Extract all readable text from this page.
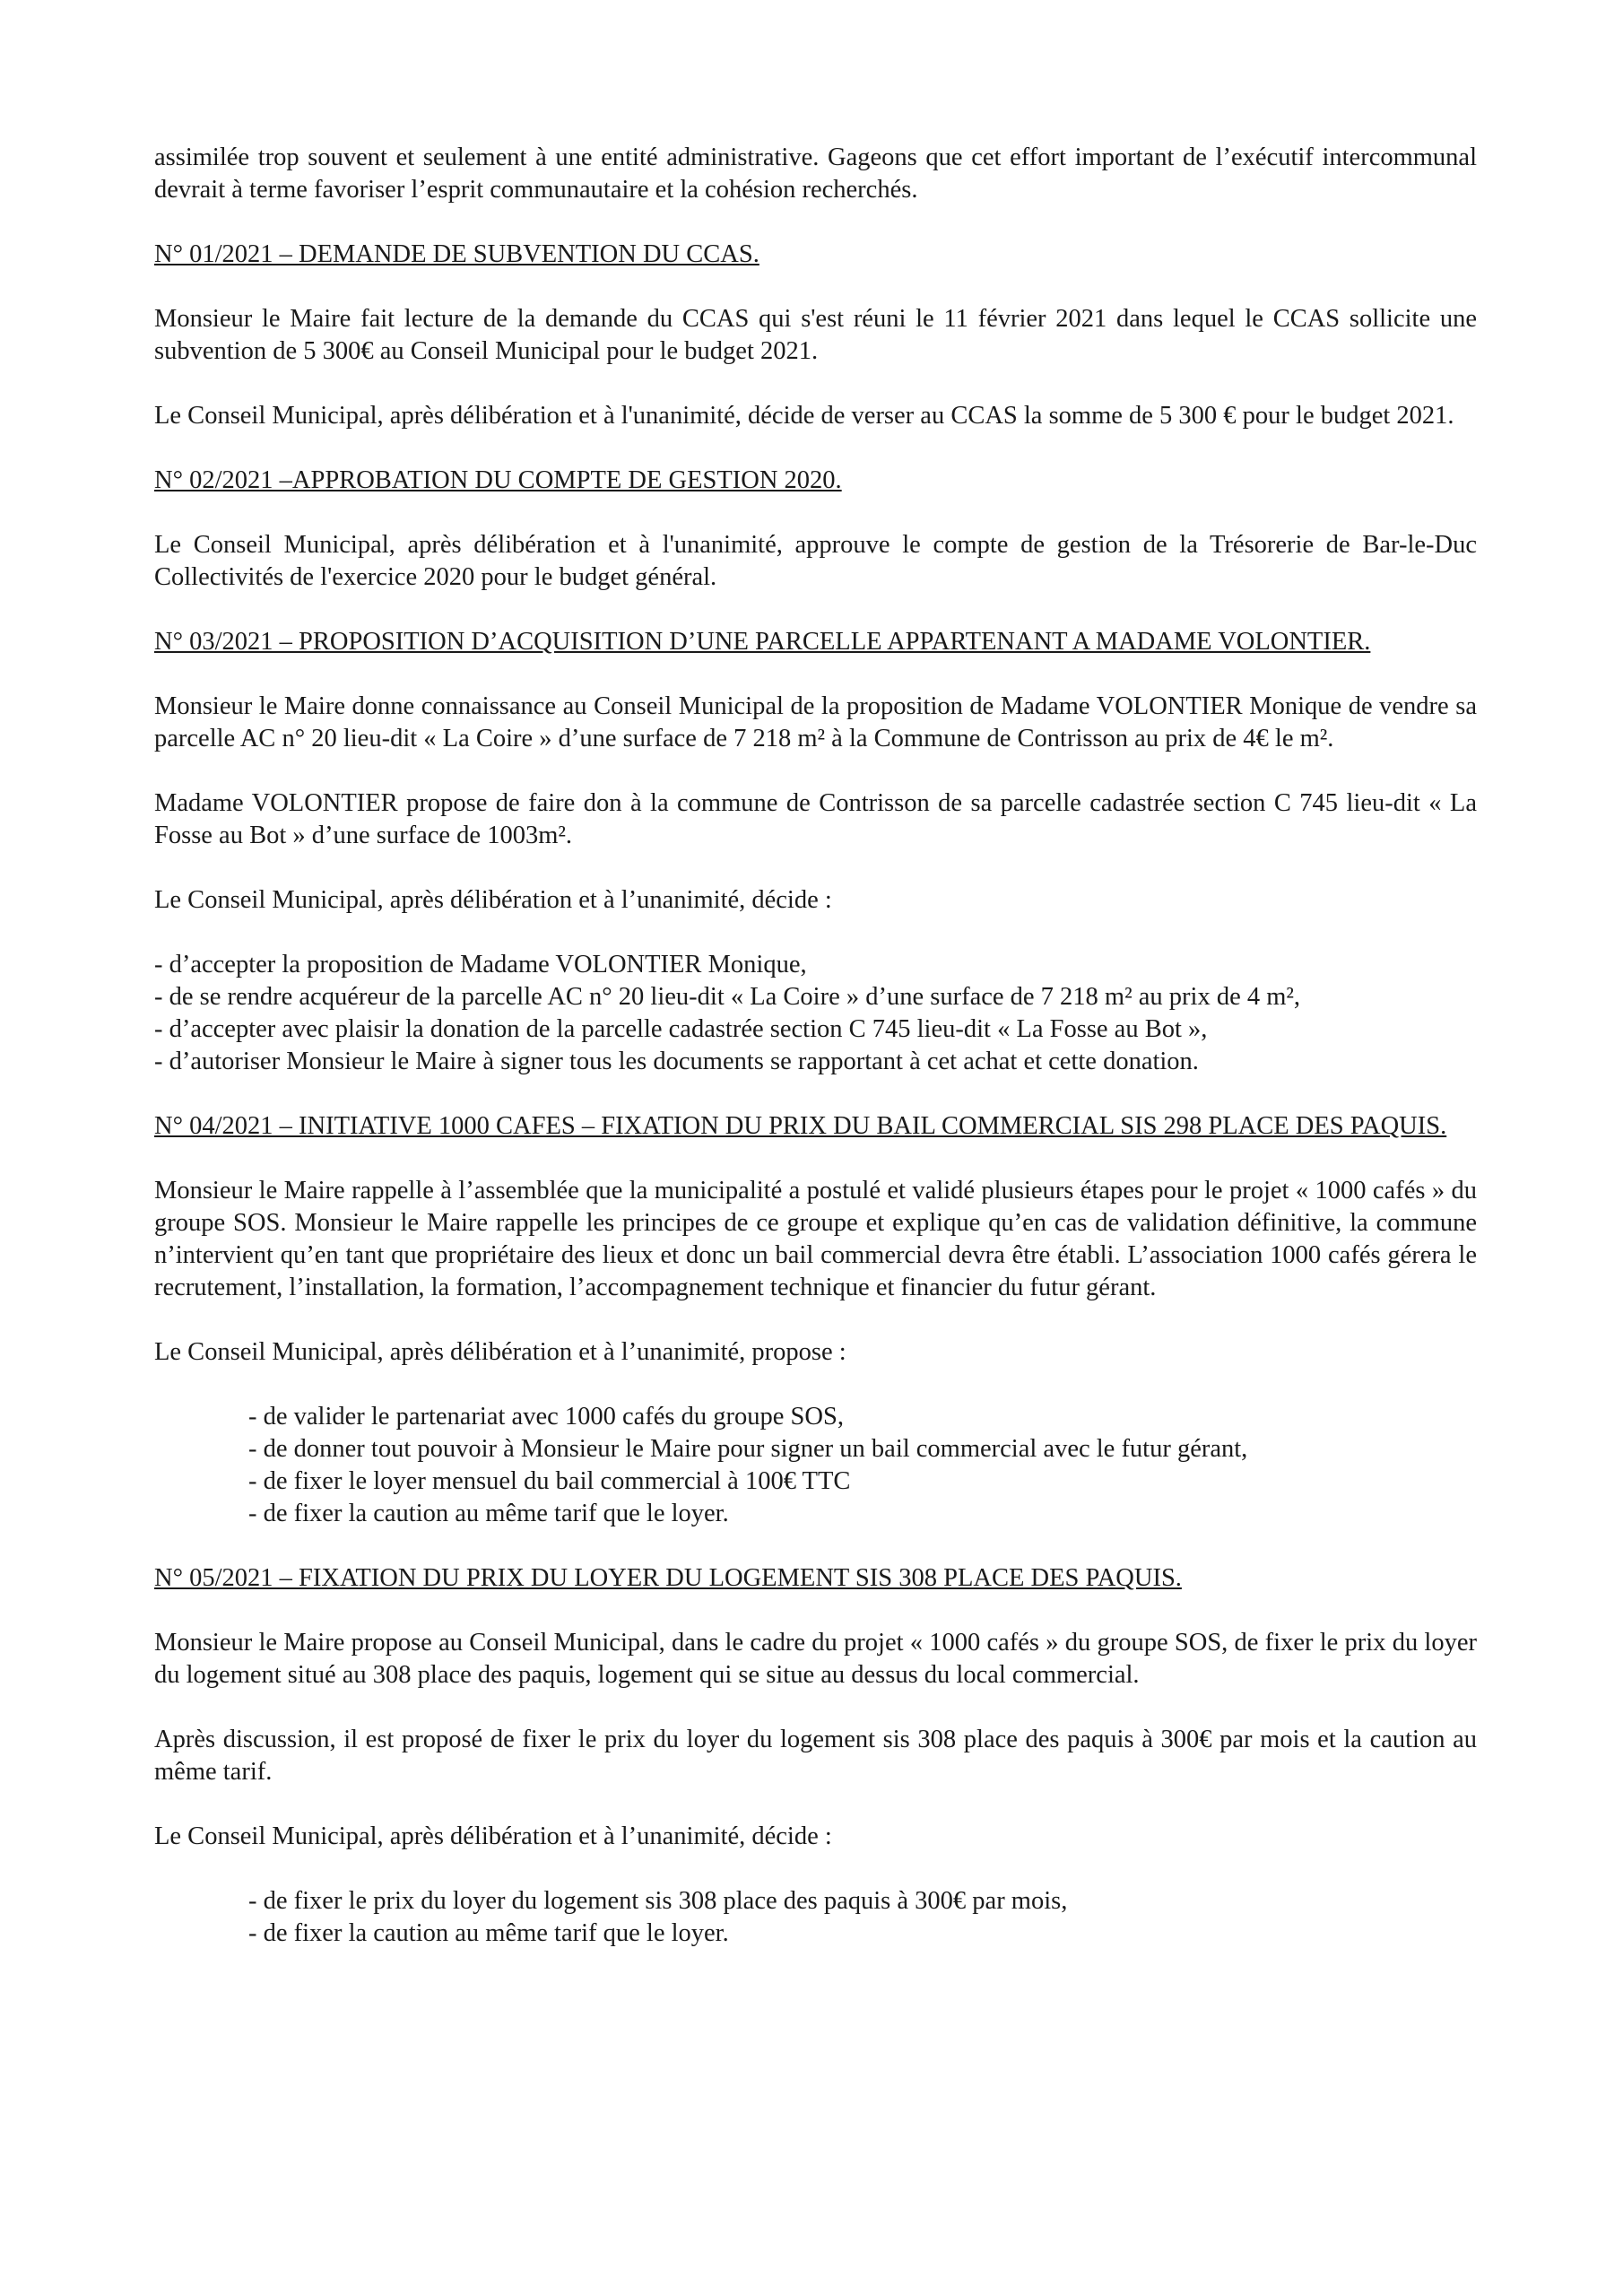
assimilée trop souvent et seulement à une entité administrative. Gageons que cet effort important de l’exécutif intercommunal devrait à terme favoriser l’esprit communautaire et la cohésion recherchés.

N° 01/2021 – DEMANDE DE SUBVENTION DU CCAS.

Monsieur le Maire fait lecture de la demande du CCAS qui s'est réuni le 11 février 2021 dans lequel le CCAS sollicite une subvention de 5 300€ au Conseil Municipal pour le budget 2021.

Le Conseil Municipal, après délibération et à l'unanimité, décide de verser au CCAS la somme de 5 300 € pour le budget 2021.

N° 02/2021 –APPROBATION DU COMPTE DE GESTION 2020.

Le Conseil Municipal, après délibération et à l'unanimité, approuve le compte de gestion de la Trésorerie de Bar-le-Duc Collectivités de l'exercice 2020 pour le budget général.

N° 03/2021 – PROPOSITION D’ACQUISITION D’UNE PARCELLE APPARTENANT A MADAME VOLONTIER.

Monsieur le Maire donne connaissance au Conseil Municipal de la proposition de Madame VOLONTIER Monique de vendre sa parcelle AC n° 20 lieu-dit « La Coire » d’une surface de 7 218 m² à la Commune de Contrisson au prix de 4€ le m².

Madame VOLONTIER propose de faire don à la commune de Contrisson de sa parcelle cadastrée section C 745 lieu-dit « La Fosse au Bot » d’une surface de 1003m².

Le Conseil Municipal, après délibération et à l’unanimité, décide :

- d’accepter la proposition de Madame VOLONTIER Monique,
- de se rendre acquéreur de la parcelle AC n° 20 lieu-dit « La Coire » d’une surface de 7 218 m² au prix de 4 m²,
- d’accepter avec plaisir la donation de la parcelle cadastrée section C 745 lieu-dit « La Fosse au Bot »,
- d’autoriser Monsieur le Maire à signer tous les documents se rapportant à cet achat et cette donation.
N° 04/2021 – INITIATIVE 1000 CAFES – FIXATION DU PRIX DU BAIL COMMERCIAL SIS 298 PLACE DES PAQUIS.

Monsieur le Maire rappelle à l’assemblée que la municipalité a postulé et validé plusieurs étapes pour le projet « 1000 cafés » du groupe SOS. Monsieur le Maire rappelle les principes de ce groupe et explique qu’en cas de validation définitive, la commune n’intervient qu’en tant que propriétaire des lieux et donc un bail commercial devra être établi. L’association 1000 cafés gérera le recrutement, l’installation, la formation, l’accompagnement technique et financier du futur gérant.

Le Conseil Municipal, après délibération et à l’unanimité, propose :

- de valider le partenariat avec 1000 cafés du groupe SOS,
- de donner tout pouvoir à Monsieur le Maire pour signer un bail commercial avec le futur gérant,
- de fixer le loyer mensuel du bail commercial à 100€ TTC
- de fixer la caution au même tarif que le loyer.
N° 05/2021 – FIXATION DU PRIX DU LOYER DU LOGEMENT SIS 308 PLACE DES PAQUIS.

Monsieur le Maire propose au Conseil Municipal, dans le cadre du projet « 1000 cafés » du groupe SOS, de fixer le prix du loyer du logement situé au 308 place des paquis, logement qui se situe au dessus du local commercial.

Après discussion, il est proposé de fixer le prix du loyer du logement sis 308 place des paquis à 300€ par mois et la caution au même tarif.

Le Conseil Municipal, après délibération et à l’unanimité, décide :

- de fixer le prix du loyer du logement sis 308 place des paquis à 300€ par mois,
- de fixer la caution au même tarif que le loyer.
